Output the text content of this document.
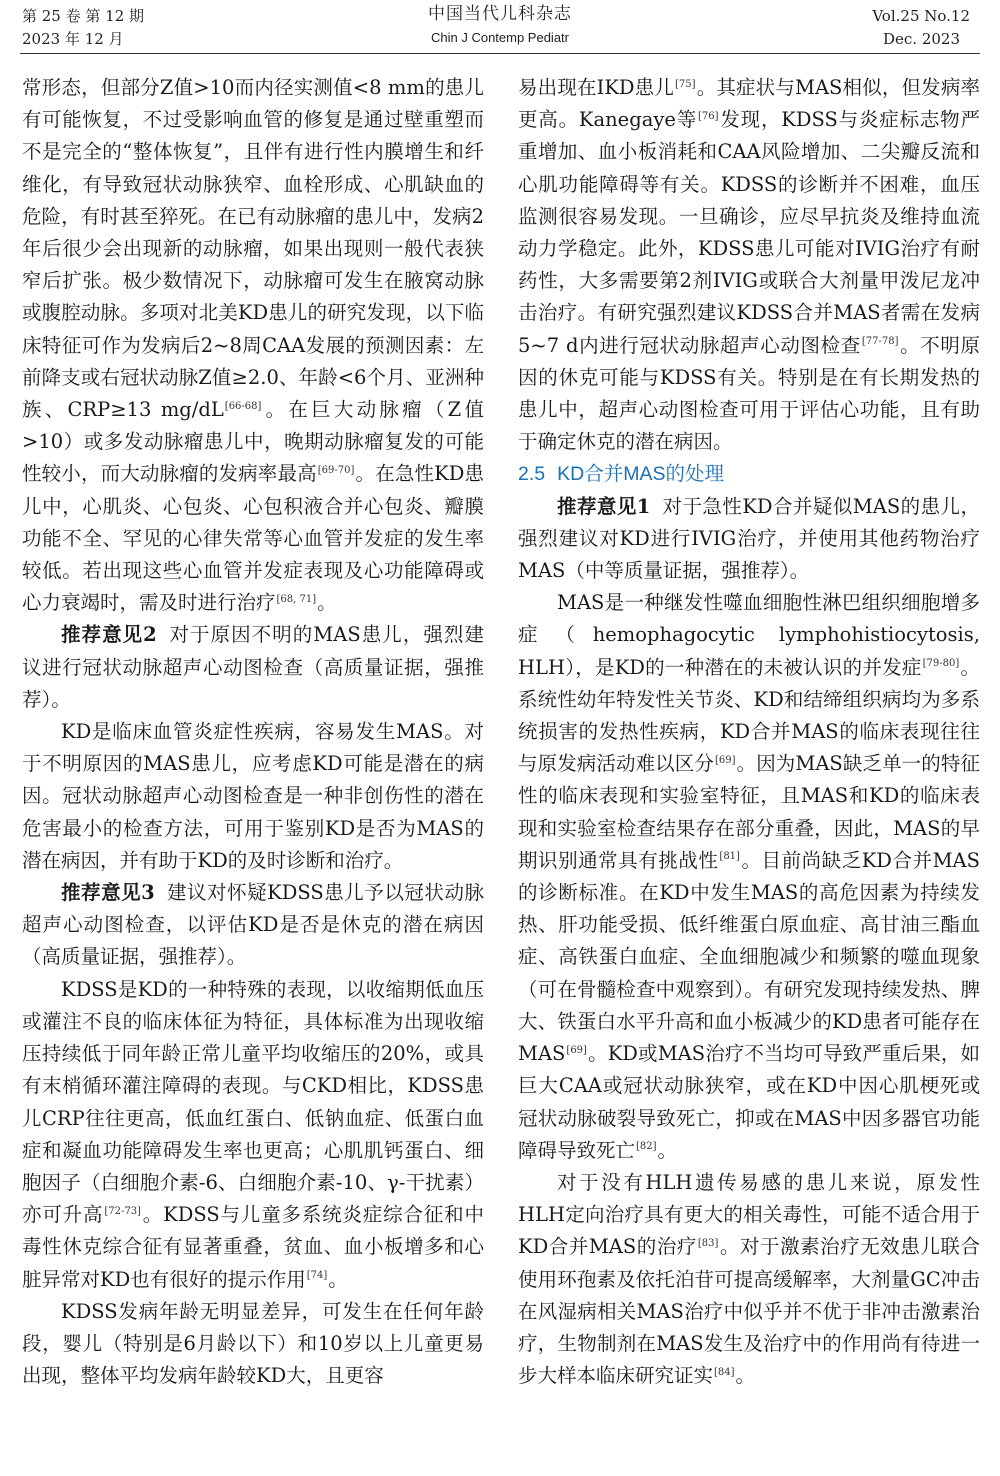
第 25 卷 第 12 期
2023 年 12 月
中国当代儿科杂志
Chin J Contemp Pediatr
Vol.25 No.12
Dec. 2023

常形态，但部分Z值>10而内径实测值<8 mm的患儿有可能恢复，不过受影响血管的修复是通过壁重塑而不是完全的“整体恢复”，且伴有进行性内膜增生和纤维化，有导致冠状动脉狭窄、血栓形成、心肌缺血的危险，有时甚至猝死。在已有动脉瘤的患儿中，发病2年后很少会出现新的动脉瘤，如果出现则一般代表狭窄后扩张。极少数情况下，动脉瘤可发生在腋窝动脉或腹腔动脉。多项对北美KD患儿的研究发现，以下临床特征可作为发病后2~8周CAA发展的预测因素：左前降支或右冠状动脉Z值≥2.0、年龄<6个月、亚洲种族、CRP≥13 mg/dL[66-68]。在巨大动脉瘤（Z值>10）或多发动脉瘤患儿中，晚期动脉瘤复发的可能性较小，而大动脉瘤的发病率最高[69-70]。在急性KD患儿中，心肌炎、心包炎、心包积液合并心包炎、瓣膜功能不全、罕见的心律失常等心血管并发症的发生率较低。若出现这些心血管并发症表现及心功能障碍或心力衰竭时，需及时进行治疗[68, 71]。

推荐意见2 对于原因不明的MAS患儿，强烈建议进行冠状动脉超声心动图检查（高质量证据，强推荐）。

KD是临床血管炎症性疾病，容易发生MAS。对于不明原因的MAS患儿，应考虑KD可能是潜在的病因。冠状动脉超声心动图检查是一种非创伤性的潜在危害最小的检查方法，可用于鉴别KD是否为MAS的潜在病因，并有助于KD的及时诊断和治疗。

推荐意见3 建议对怀疑KDSS患儿予以冠状动脉超声心动图检查，以评估KD是否是休克的潜在病因（高质量证据，强推荐）。

KDSS是KD的一种特殊的表现，以收缩期低血压或灌注不良的临床体征为特征，具体标准为出现收缩压持续低于同年龄正常儿童平均收缩压的20%，或具有末梢循环灌注障碍的表现。与CKD相比，KDSS患儿CRP往往更高，低血红蛋白、低钠血症、低蛋白血症和凝血功能障碍发生率也更高；心肌肌钙蛋白、细胞因子（白细胞介素-6、白细胞介素-10、γ-干扰素）亦可升高[72-73]。KDSS与儿童多系统炎症综合征和中毒性休克综合征有显著重叠，贫血、血小板增多和心脏异常对KD也有很好的提示作用[74]。

KDSS发病年龄无明显差异，可发生在任何年龄段，婴儿（特别是6月龄以下）和10岁以上儿童更易出现，整体平均发病年龄较KD大，且更容

易出现在IKD患儿[75]。其症状与MAS相似，但发病率更高。Kanegaye等[76]发现，KDSS与炎症标志物严重增加、血小板消耗和CAA风险增加、二尖瓣反流和心肌功能障碍等有关。KDSS的诊断并不困难，血压监测很容易发现。一旦确诊，应尽早抗炎及维持血流动力学稳定。此外，KDSS患儿可能对IVIG治疗有耐药性，大多需要第2剂IVIG或联合大剂量甲泼尼龙冲击治疗。有研究强烈建议KDSS合并MAS者需在发病5~7 d内进行冠状动脉超声心动图检查[77-78]。不明原因的休克可能与KDSS有关。特别是在有长期发热的患儿中，超声心动图检查可用于评估心功能，且有助于确定休克的潜在病因。

2.5 KD合并MAS的处理

推荐意见1 对于急性KD合并疑似MAS的患儿，强烈建议对KD进行IVIG治疗，并使用其他药物治疗MAS（中等质量证据，强推荐）。

MAS是一种继发性噬血细胞性淋巴组织细胞增多症（hemophagocytic lymphohistiocytosis, HLH），是KD的一种潜在的未被认识的并发症[79-80]。系统性幼年特发性关节炎、KD和结缔组织病均为多系统损害的发热性疾病，KD合并MAS的临床表现往往与原发病活动难以区分[69]。因为MAS缺乏单一的特征性的临床表现和实验室特征，且MAS和KD的临床表现和实验室检查结果存在部分重叠，因此，MAS的早期识别通常具有挑战性[81]。目前尚缺乏KD合并MAS的诊断标准。在KD中发生MAS的高危因素为持续发热、肝功能受损、低纤维蛋白原血症、高甘油三酯血症、高铁蛋白血症、全血细胞减少和频繁的噬血现象（可在骨髓检查中观察到）。有研究发现持续发热、脾大、铁蛋白水平升高和血小板减少的KD患者可能存在MAS[69]。KD或MAS治疗不当均可导致严重后果，如巨大CAA或冠状动脉狭窄，或在KD中因心肌梗死或冠状动脉破裂导致死亡，抑或在MAS中因多器官功能障碍导致死亡[82]。

对于没有HLH遗传易感的患儿来说，原发性HLH定向治疗具有更大的相关毒性，可能不适合用于KD合并MAS的治疗[83]。对于激素治疗无效患儿联合使用环孢素及依托泊苷可提高缓解率，大剂量GC冲击在风湿病相关MAS治疗中似乎并不优于非冲击激素治疗，生物制剂在MAS发生及治疗中的作用尚有待进一步大样本临床研究证实[84]。
